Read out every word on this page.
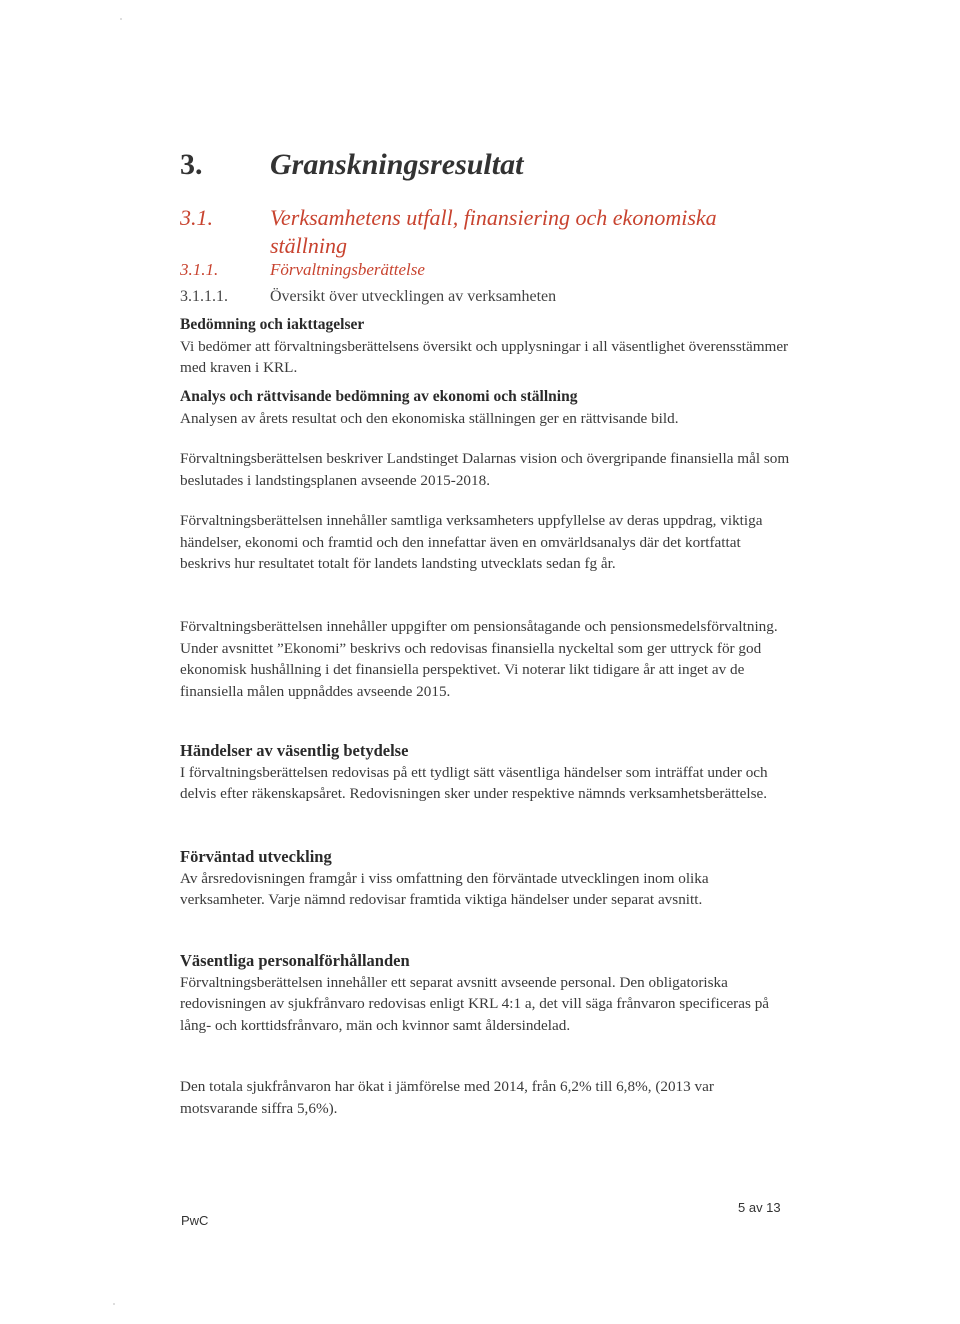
3.	Granskningsresultat
3.1.	Verksamhetens utfall, finansiering och ekonomiska ställning
3.1.1.	Förvaltningsberättelse
3.1.1.1.	Översikt över utvecklingen av verksamheten
Bedömning och iakttagelser
Vi bedömer att förvaltningsberättelsens översikt och upplysningar i all väsentlighet överensstämmer med kraven i KRL.
Analys och rättvisande bedömning av ekonomi och ställning
Analysen av årets resultat och den ekonomiska ställningen ger en rättvisande bild.
Förvaltningsberättelsen beskriver Landstinget Dalarnas vision och övergripande finansiella mål som beslutades i landstingsplanen avseende 2015-2018.
Förvaltningsberättelsen innehåller samtliga verksamheters uppfyllelse av deras uppdrag, viktiga händelser, ekonomi och framtid och den innefattar även en omvärldsanalys där det kortfattat beskrivs hur resultatet totalt för landets landsting utvecklats sedan fg år.
Förvaltningsberättelsen innehåller uppgifter om pensionsåtagande och pensionsmedelsförvaltning. Under avsnittet ”Ekonomi” beskrivs och redovisas finansiella nyckeltal som ger uttryck för god ekonomisk hushållning i det finansiella perspektivet. Vi noterar likt tidigare år att inget av de finansiella målen uppnåddes avseende 2015.
Händelser av väsentlig betydelse
I förvaltningsberättelsen redovisas på ett tydligt sätt väsentliga händelser som inträffat under och delvis efter räkenskapsåret. Redovisningen sker under respektive nämnds verksamhetsberättelse.
Förväntad utveckling
Av årsredovisningen framgår i viss omfattning den förväntade utvecklingen inom olika verksamheter. Varje nämnd redovisar framtida viktiga händelser under separat avsnitt.
Väsentliga personalförhållanden
Förvaltningsberättelsen innehåller ett separat avsnitt avseende personal. Den obligatoriska redovisningen av sjukfrånvaro redovisas enligt KRL 4:1 a, det vill säga frånvaron specificeras på lång- och korttidsfrånvaro, män och kvinnor samt åldersindelad.
Den totala sjukfrånvaron har ökat i jämförelse med 2014, från 6,2% till 6,8%, (2013 var motsvarande siffra 5,6%).
PwC
5 av 13
